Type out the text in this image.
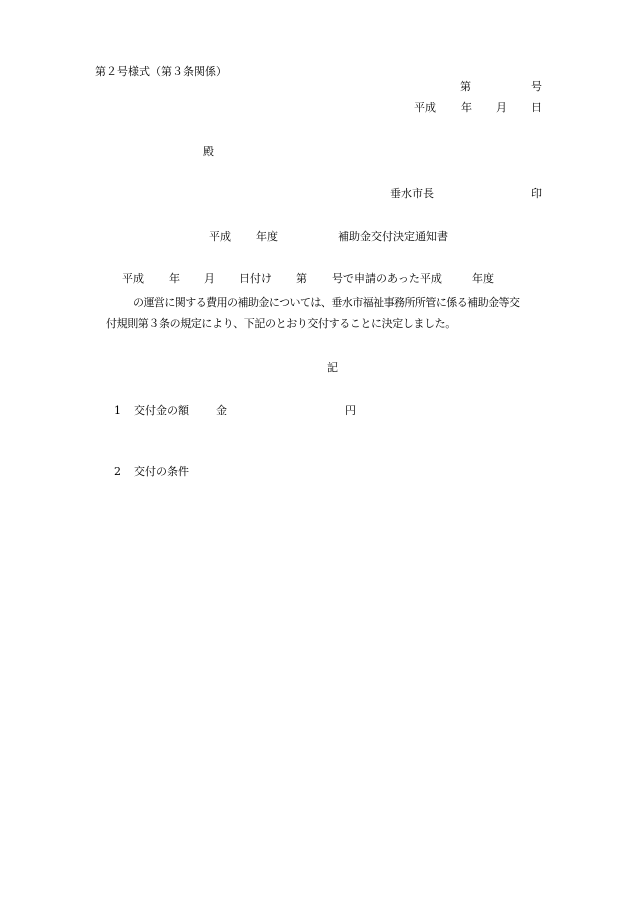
第２号様式（第３条関係）
第	号
平成 年 月 日
殿
垂水市長	印
平成 年度	補助金交付決定通知書
平成 年 月 日付け 第 号で申請のあった平成	年度
の運営に関する費用の補助金については、垂水市福祉事務所所管に係る補助金等交
付規則第３条の規定により、下記のとおり交付することに決定しました。
記
1 交付金の額 金	円
2 交付の条件
